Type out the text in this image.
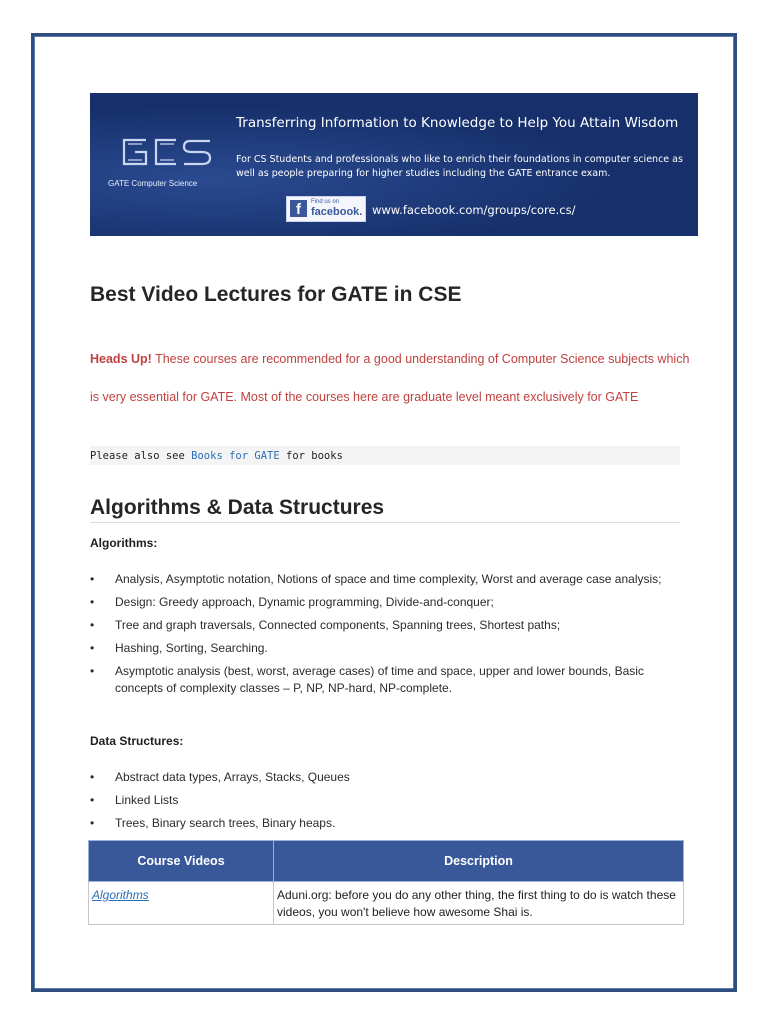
GATE Computer Science
Transferring Information to Knowledge to Help You Attain Wisdom
For CS Students and professionals who like to enrich their foundations in computer science as well as people preparing for higher studies including the GATE entrance exam.
f	Find us on
facebook. www.facebook.com/groups/core.cs/
Best Video Lectures for GATE in CSE
Heads Up! These courses are recommended for a good understanding of Computer Science subjects which is very essential for GATE. Most of the courses here are graduate level meant exclusively for GATE
Please also see Books for GATE for books
Algorithms & Data Structures
Algorithms:
• Analysis, Asymptotic notation, Notions of space and time complexity, Worst and average case analysis;
• Design: Greedy approach, Dynamic programming, Divide-and-conquer;
• Tree and graph traversals, Connected components, Spanning trees, Shortest paths;
• Hashing, Sorting, Searching.
• Asymptotic analysis (best, worst, average cases) of time and space, upper and lower bounds, Basic concepts of complexity classes – P, NP, NP-hard, NP-complete.
Data Structures:
• Abstract data types, Arrays, Stacks, Queues
• Linked Lists
• Trees, Binary search trees, Binary heaps.
Course Videos	Description
Algorithms	Aduni.org: before you do any other thing, the first thing to do is watch these videos, you won't believe how awesome Shai is.
